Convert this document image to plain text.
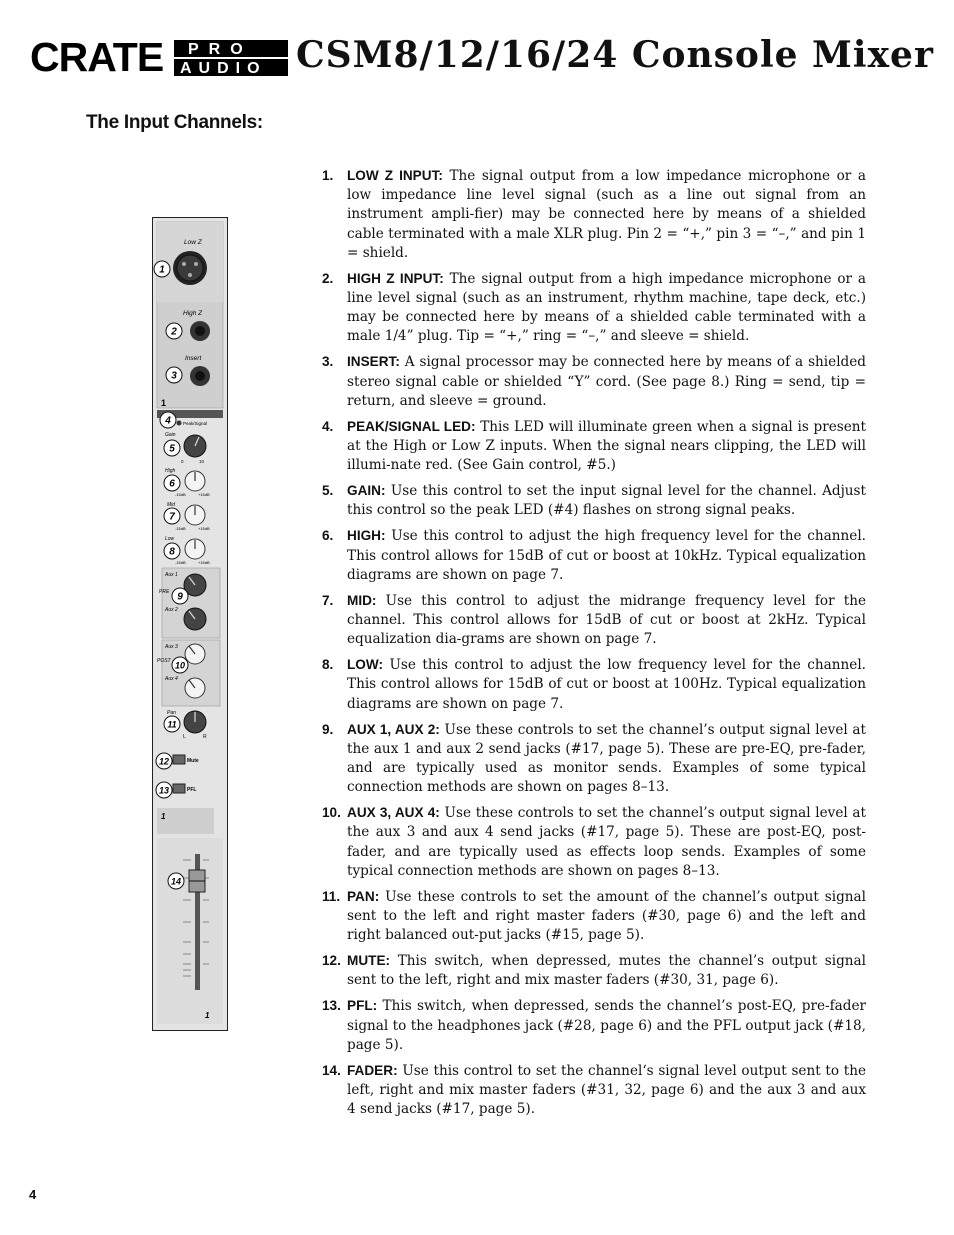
CRATE PRO
AUDIO CSM8/12/16/24 Console Mixer
The Input Channels:
Low Z
High Z
Insert
1
Peak/Signal
Gain
0	10
High
-15dB	+15dB
Mid
-15dB	+15dB
Low
-15dB	+15dB
Aux 1
PRE
Aux 2
Aux 3
POST
Aux 4
Pan
L	R
Mute
PFL
1
1
1
2
3
4
5
6
7
8
9
10
11
12
13
14
1. LOW Z INPUT: The signal output from a low impedance microphone or a low impedance line level signal (such as a line out signal from an instrument ampli-fier) may be connected here by means of a shielded cable terminated with a male XLR plug. Pin 2 = “+,” pin 3 = “–,” and pin 1 = shield.
2. HIGH Z INPUT: The signal output from a high impedance microphone or a line level signal (such as an instrument, rhythm machine, tape deck, etc.) may be connected here by means of a shielded cable terminated with a male 1/4” plug. Tip = “+,” ring = “–,” and sleeve = shield.
3. INSERT: A signal processor may be connected here by means of a shielded stereo signal cable or shielded “Y” cord. (See page 8.) Ring = send, tip = return, and sleeve = ground.
4. PEAK/SIGNAL LED: This LED will illuminate green when a signal is present at the High or Low Z inputs. When the signal nears clipping, the LED will illumi-nate red. (See Gain control, #5.)
5. GAIN: Use this control to set the input signal level for the channel. Adjust this control so the peak LED (#4) flashes on strong signal peaks.
6. HIGH: Use this control to adjust the high frequency level for the channel. This control allows for 15dB of cut or boost at 10kHz. Typical equalization diagrams are shown on page 7.
7. MID: Use this control to adjust the midrange frequency level for the channel. This control allows for 15dB of cut or boost at 2kHz. Typical equalization dia-grams are shown on page 7.
8. LOW: Use this control to adjust the low frequency level for the channel. This control allows for 15dB of cut or boost at 100Hz. Typical equalization diagrams are shown on page 7.
9. AUX 1, AUX 2: Use these controls to set the channel’s output signal level at the aux 1 and aux 2 send jacks (#17, page 5). These are pre-EQ, pre-fader, and are typically used as monitor sends. Examples of some typical connection methods are shown on pages 8–13.
10. AUX 3, AUX 4: Use these controls to set the channel’s output signal level at the aux 3 and aux 4 send jacks (#17, page 5). These are post-EQ, post-fader, and are typically used as effects loop sends. Examples of some typical connection methods are shown on pages 8–13.
11. PAN: Use these controls to set the amount of the channel’s output signal sent to the left and right master faders (#30, page 6) and the left and right balanced out-put jacks (#15, page 5).
12. MUTE: This switch, when depressed, mutes the channel’s output signal sent to the left, right and mix master faders (#30, 31, page 6).
13. PFL: This switch, when depressed, sends the channel’s post-EQ, pre-fader signal to the headphones jack (#28, page 6) and the PFL output jack (#18, page 5).
14. FADER: Use this control to set the channel‘s signal level output sent to the left, right and mix master faders (#31, 32, page 6) and the aux 3 and aux 4 send jacks (#17, page 5).
4
